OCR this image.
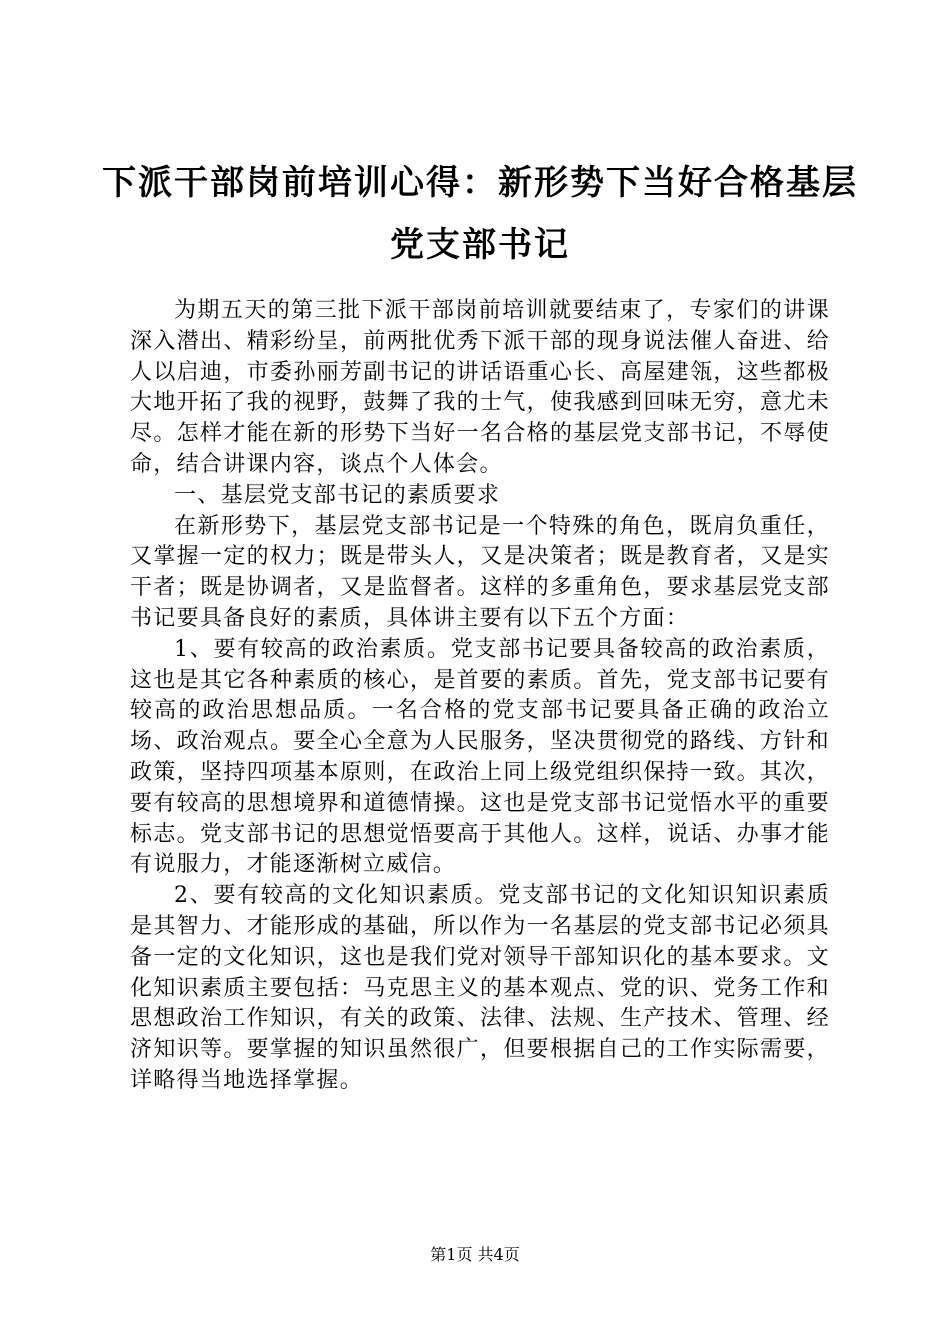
下派干部岗前培训心得：新形势下当好合格基层党支部书记

为期五天的第三批下派干部岗前培训就要结束了，专家们的讲课深入潜出、精彩纷呈，前两批优秀下派干部的现身说法催人奋进、给人以启迪，市委孙丽芳副书记的讲话语重心长、高屋建瓴，这些都极大地开拓了我的视野，鼓舞了我的士气，使我感到回味无穷，意尤未尽。怎样才能在新的形势下当好一名合格的基层党支部书记，不辱使命，结合讲课内容，谈点个人体会。

一、基层党支部书记的素质要求

在新形势下，基层党支部书记是一个特殊的角色，既肩负重任，又掌握一定的权力；既是带头人，又是决策者；既是教育者，又是实干者；既是协调者，又是监督者。这样的多重角色，要求基层党支部书记要具备良好的素质，具体讲主要有以下五个方面：

1、要有较高的政治素质。党支部书记要具备较高的政治素质，这也是其它各种素质的核心，是首要的素质。首先，党支部书记要有较高的政治思想品质。一名合格的党支部书记要具备正确的政治立场、政治观点。要全心全意为人民服务，坚决贯彻党的路线、方针和政策，坚持四项基本原则，在政治上同上级党组织保持一致。其次，要有较高的思想境界和道德情操。这也是党支部书记觉悟水平的重要标志。党支部书记的思想觉悟要高于其他人。这样，说话、办事才能有说服力，才能逐渐树立威信。

2、要有较高的文化知识素质。党支部书记的文化知识知识素质是其智力、才能形成的基础，所以作为一名基层的党支部书记必须具备一定的文化知识，这也是我们党对领导干部知识化的基本要求。文化知识素质主要包括：马克思主义的基本观点、党的识、党务工作和思想政治工作知识，有关的政策、法律、法规、生产技术、管理、经济知识等。要掌握的知识虽然很广，但要根据自己的工作实际需要，详略得当地选择掌握。

第1页 共4页
